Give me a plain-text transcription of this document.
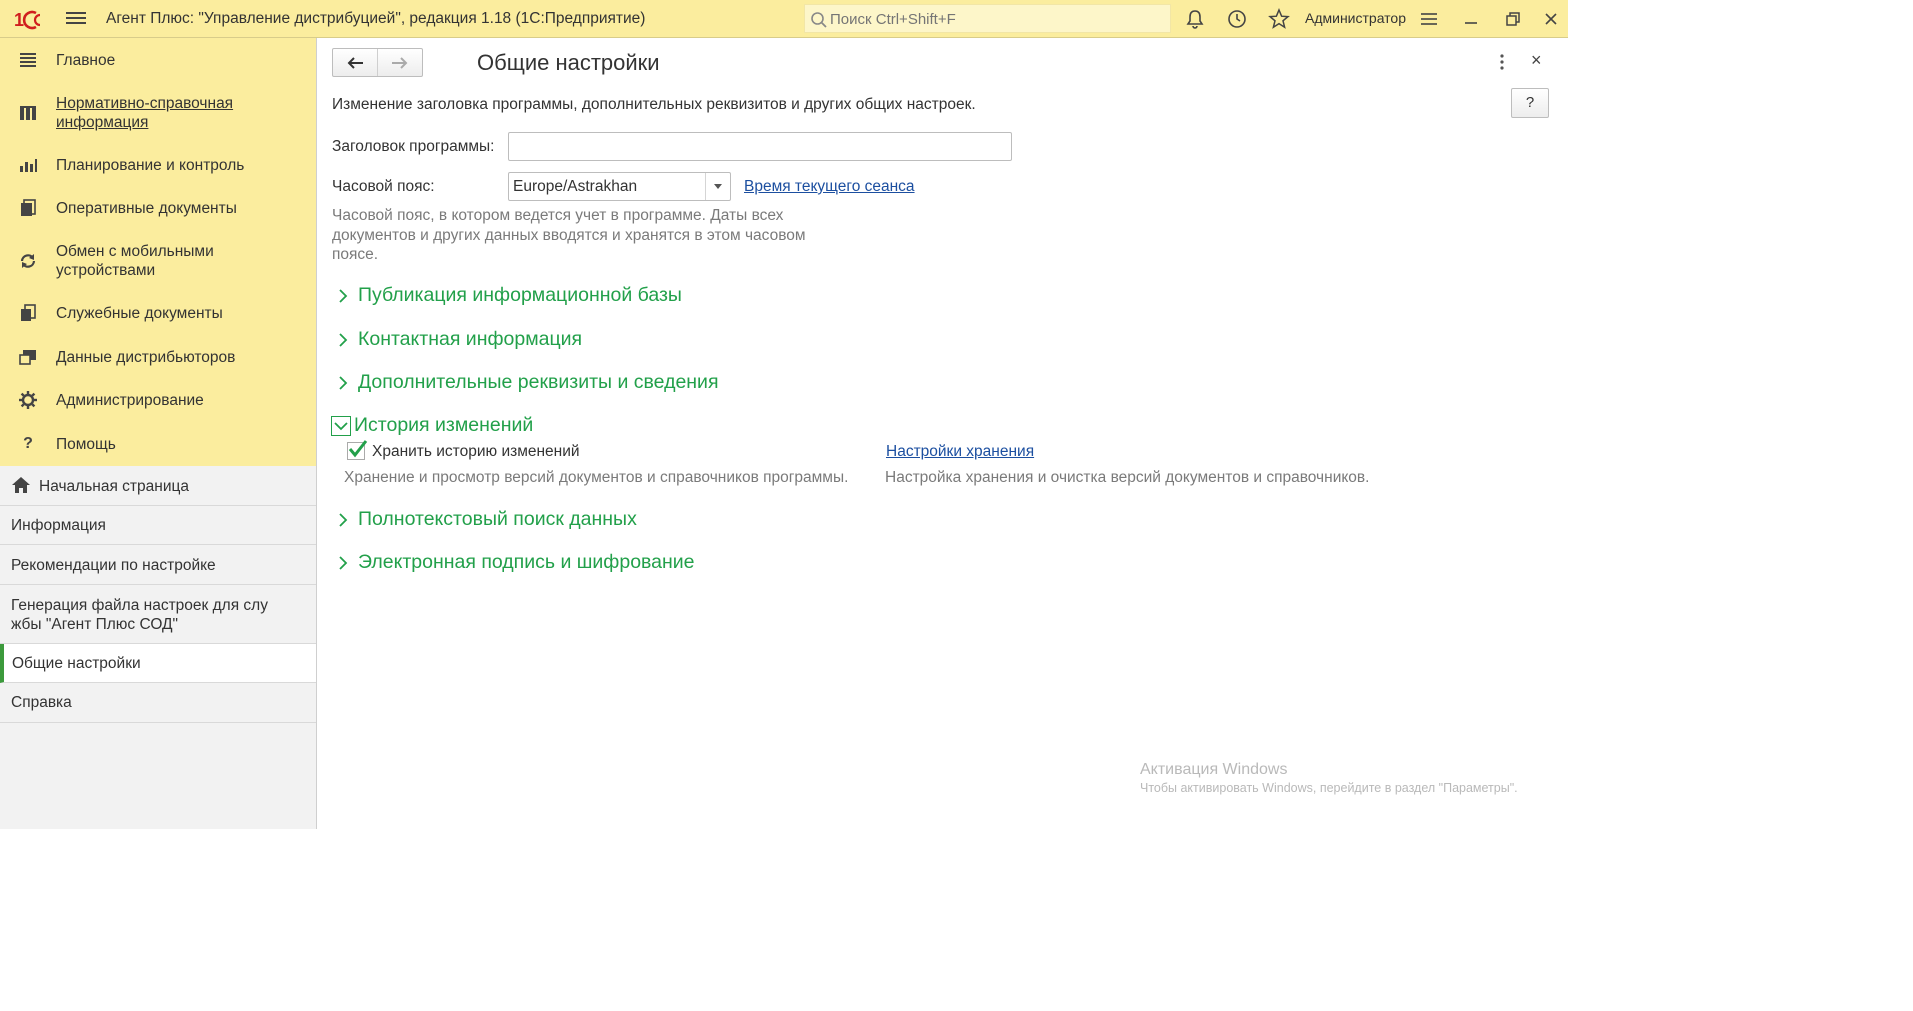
1	Агент Плюс: "Управление дистрибуцией", редакция 1.18 (1С:Предприятие)
Поиск Ctrl+Shift+F	Администратор
Главное
Нормативно-справочная информация
Планирование и контроль
Оперативные документы
Обмен с мобильными устройствами
Служебные документы
Данные дистрибьюторов
Администрирование
?	Помощь
Начальная страница
Информация
Рекомендации по настройке
Генерация файла настроек для слу жбы "Агент Плюс СОД"
Общие настройки
Справка
Общие настройки	×
?
Изменение заголовка программы, дополнительных реквизитов и других общих настроек.
Заголовок программы:
Часовой пояс:	Europe/Astrakhan	Время текущего сеанса
Часовой пояс, в котором ведется учет в программе. Даты всех документов и других данных вводятся и хранятся в этом часовом поясе.
Публикация информационной базы
Контактная информация
Дополнительные реквизиты и сведения
История изменений
Хранить историю изменений
Хранение и просмотр версий документов и справочников программы.
Настройки хранения
Настройка хранения и очистка версий документов и справочников.
Полнотекстовый поиск данных
Электронная подпись и шифрование
Активация Windows
Чтобы активировать Windows, перейдите в раздел "Параметры".
